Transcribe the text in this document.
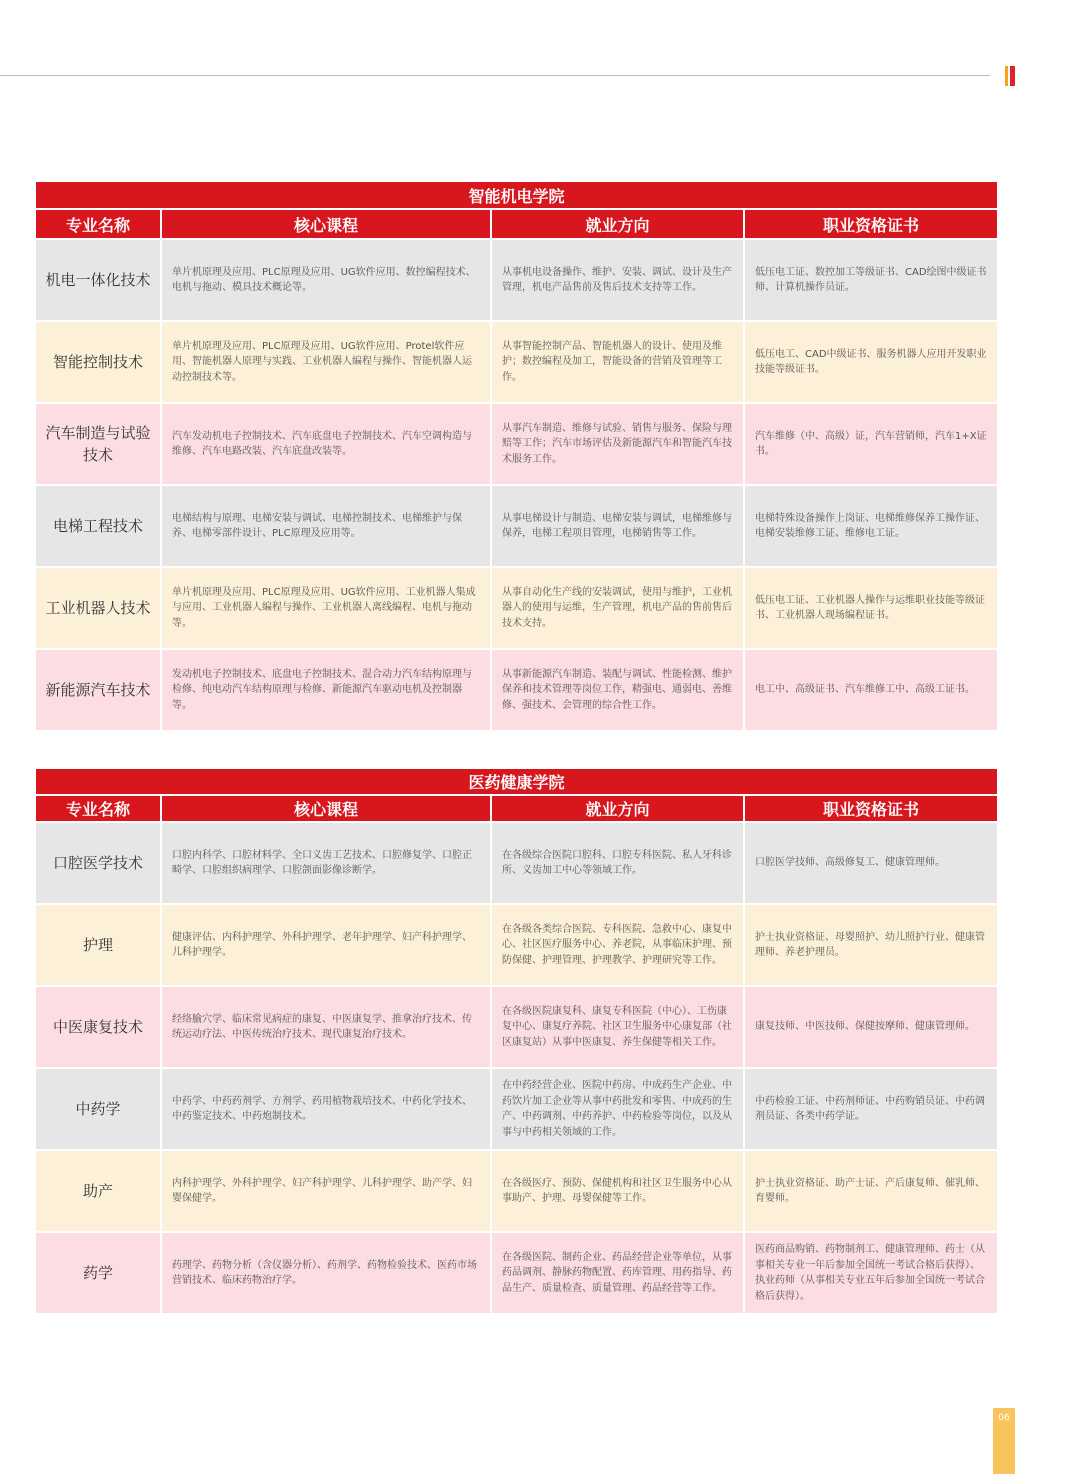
智能机电学院			
专业名称	核心课程	就业方向	职业资格证书
机电一体化技术	单片机原理及应用、PLC原理及应用、UG软件应用、数控编程技术、电机与拖动、模具技术概论等。	从事机电设备操作、维护、安装、调试、设计及生产管理，机电产品售前及售后技术支持等工作。	低压电工证、数控加工等级证书、CAD绘图中级证书师、计算机操作员证。
智能控制技术	单片机原理及应用、PLC原理及应用、UG软件应用、Protel软件应用、智能机器人原理与实践、工业机器人编程与操作、智能机器人运动控制技术等。	从事智能控制产品、智能机器人的设计、使用及维护；数控编程及加工，智能设备的营销及管理等工作。	低压电工、CAD中级证书、服务机器人应用开发职业技能等级证书。
汽车制造与试验技术	汽车发动机电子控制技术、汽车底盘电子控制技术、汽车空调构造与维修、汽车电路改装、汽车底盘改装等。	从事汽车制造、维修与试验、销售与服务、保险与理赔等工作；汽车市场评估及新能源汽车和智能汽车技术服务工作。	汽车维修（中、高级）证，汽车营销师，汽车1+X证书。
电梯工程技术	电梯结构与原理、电梯安装与调试、电梯控制技术、电梯维护与保养、电梯零部件设计、PLC原理及应用等。	从事电梯设计与制造、电梯安装与调试，电梯维修与保养，电梯工程项目管理，电梯销售等工作。	电梯特殊设备操作上岗证、电梯维修保养工操作证、电梯安装维修工证、维修电工证。
工业机器人技术	单片机原理及应用、PLC原理及应用、UG软件应用、工业机器人集成与应用、工业机器人编程与操作、工业机器人离线编程、电机与拖动等。	从事自动化生产线的安装调试，使用与维护，工业机器人的使用与运维，生产管理，机电产品的售前售后技术支持。	低压电工证、工业机器人操作与运维职业技能等级证书、工业机器人现场编程证书。
新能源汽车技术	发动机电子控制技术、底盘电子控制技术、混合动力汽车结构原理与检修、纯电动汽车结构原理与检修、新能源汽车驱动电机及控制器等。	从事新能源汽车制造、装配与调试、性能检测、维护保养和技术管理等岗位工作，精强电、通弱电、善维修、强技术、会管理的综合性工作。	电工中、高级证书、汽车维修工中、高级工证书。
医药健康学院			
专业名称	核心课程	就业方向	职业资格证书
口腔医学技术	口腔内科学、口腔材料学、全口义齿工艺技术、口腔修复学、口腔正畸学、口腔组织病理学、口腔颌面影像诊断学。	在各级综合医院口腔科、口腔专科医院、私人牙科诊所、义齿加工中心等领域工作。	口腔医学技师、高级修复工、健康管理师。
护理	健康评估、内科护理学、外科护理学、老年护理学、妇产科护理学、儿科护理学。	在各级各类综合医院、专科医院、急救中心、康复中心、社区医疗服务中心、养老院，从事临床护理、预防保健、护理管理、护理教学、护理研究等工作。	护士执业资格证、母婴照护、幼儿照护行业、健康管理师、养老护理员。
中医康复技术	经络腧穴学、临床常见病症的康复、中医康复学、推拿治疗技术、传统运动疗法、中医传统治疗技术、现代康复治疗技术。	在各级医院康复科、康复专科医院（中心）、工伤康复中心、康复疗养院、社区卫生服务中心康复部（社区康复站）从事中医康复、养生保健等相关工作。	康复技师、中医技师、保健按摩师、健康管理师。
中药学	中药学、中药药剂学、方剂学、药用植物栽培技术、中药化学技术、中药鉴定技术、中药炮制技术。	在中药经营企业、医院中药房、中成药生产企业、中药饮片加工企业等从事中药批发和零售、中成药的生产、中药调剂、中药养护、中药检验等岗位，以及从事与中药相关领域的工作。	中药检验工证、中药剂师证、中药购销员证、中药调剂员证、各类中药学证。
助产	内科护理学、外科护理学、妇产科护理学、儿科护理学、助产学、妇婴保健学。	在各级医疗、预防、保健机构和社区卫生服务中心从事助产、护理、母婴保健等工作。	护士执业资格证、助产士证、产后康复师、催乳师、育婴师。
药学	药理学、药物分析（含仪器分析）、药剂学、药物检验技术、医药市场营销技术、临床药物治疗学。	在各级医院、制药企业、药品经营企业等单位，从事药品调剂、静脉药物配置、药库管理、用药指导、药品生产、质量检查、质量管理、药品经营等工作。	医药商品购销、药物制剂工、健康管理师、药士（从事相关专业一年后参加全国统一考试合格后获得）、执业药师（从事相关专业五年后参加全国统一考试合格后获得）。
06
